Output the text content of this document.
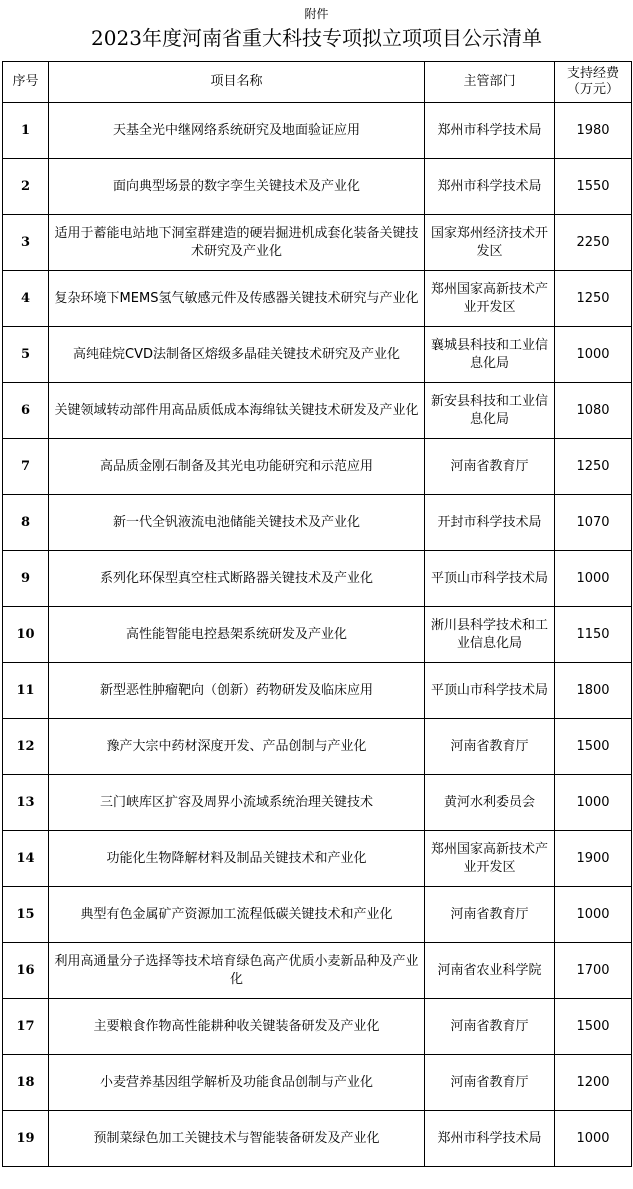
附件
2023年度河南省重大科技专项拟立项项目公示清单
序号	项目名称	主管部门	支持经费
（万元）

1	天基全光中继网络系统研究及地面验证应用	郑州市科学技术局	1980
2	面向典型场景的数字孪生关键技术及产业化	郑州市科学技术局	1550
3	适用于蓄能电站地下洞室群建造的硬岩掘进机成套化装备关键技术研究及产业化	国家郑州经济技术开发区	2250
4	复杂环境下MEMS氢气敏感元件及传感器关键技术研究与产业化	郑州国家高新技术产业开发区	1250
5	高纯硅烷CVD法制备区熔级多晶硅关键技术研究及产业化	襄城县科技和工业信息化局	1000
6	关键领域转动部件用高品质低成本海绵钛关键技术研发及产业化	新安县科技和工业信息化局	1080
7	高品质金刚石制备及其光电功能研究和示范应用	河南省教育厅	1250
8	新一代全钒液流电池储能关键技术及产业化	开封市科学技术局	1070
9	系列化环保型真空柱式断路器关键技术及产业化	平顶山市科学技术局	1000
10	高性能智能电控悬架系统研发及产业化	淅川县科学技术和工业信息化局	1150
11	新型恶性肿瘤靶向（创新）药物研发及临床应用	平顶山市科学技术局	1800
12	豫产大宗中药材深度开发、产品创制与产业化	河南省教育厅	1500
13	三门峡库区扩容及周界小流域系统治理关键技术	黄河水利委员会	1000
14	功能化生物降解材料及制品关键技术和产业化	郑州国家高新技术产业开发区	1900
15	典型有色金属矿产资源加工流程低碳关键技术和产业化	河南省教育厅	1000
16	利用高通量分子选择等技术培育绿色高产优质小麦新品种及产业化	河南省农业科学院	1700
17	主要粮食作物高性能耕种收关键装备研发及产业化	河南省教育厅	1500
18	小麦营养基因组学解析及功能食品创制与产业化	河南省教育厅	1200
19	预制菜绿色加工关键技术与智能装备研发及产业化	郑州市科学技术局	1000
